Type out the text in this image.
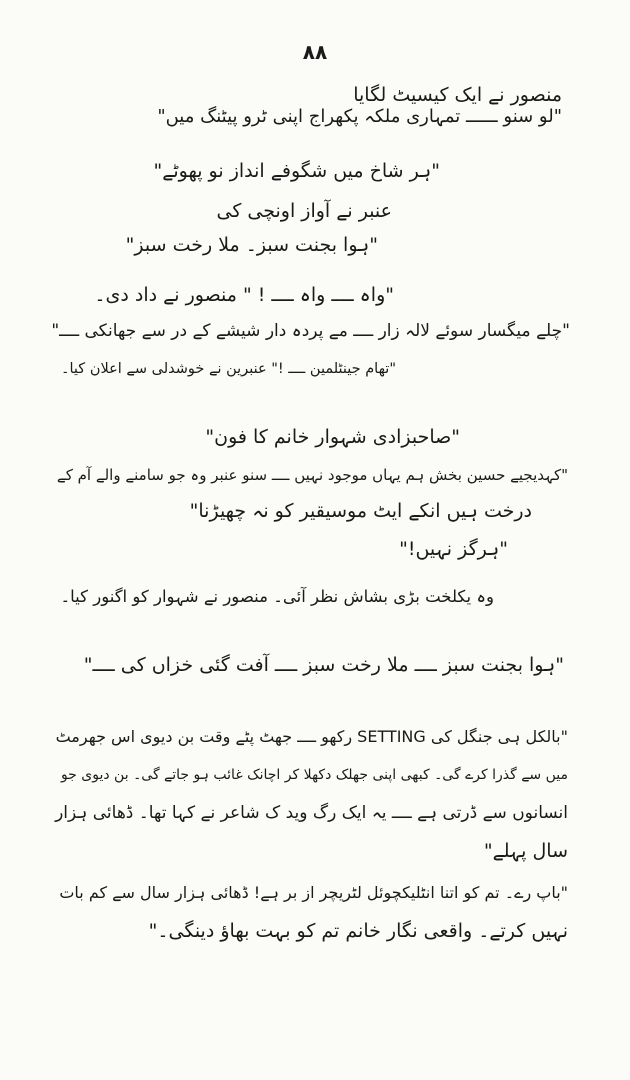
۸۸
منصور نے ایک کیسیٹ لگایا
"لو سنو ــــــ تمہاری ملکہ پکھراج اپنی ٹرو پیٹنگ میں"
"ہر شاخ میں شگوفے انداز نو پھوٹے"
عنبر نے آواز اونچی کی
"ہوا بجنت سبز۔ ملا رخت سبز"
"واہ ــــ واہ ــــ ! " منصور نے داد دی۔
"چلے میگسار سوئے لالہ زار ــــ مے پردہ دار شیشے کے در سے جھانکی ــــ"
"تھام جینٹلمین ــــ !" عنبرین نے خوشدلی سے اعلان کیا۔
"صاحبزادی شہوار خانم کا فون"
"کہدیجیے حسین بخش ہم یہاں موجود نہیں ــــ سنو عنبر وہ جو سامنے والے آم کے
درخت ہیں انکے ایٹ موسیقیر کو نہ چھیڑنا"
"ہرگز نہیں!"
وہ یکلخت بڑی بشاش نظر آئی۔ منصور نے شہوار کو اگنور کیا۔
"ہوا بجنت سبز ــــ ملا رخت سبز ــــ آفت گئی خزاں کی ــــ"
"بالکل ہی جنگل کی SETTING رکھو ــــ جھٹ پٹے وقت بن دیوی اس جھرمٹ
میں سے گذرا کرے گی۔ کبھی اپنی جھلک دکھلا کر اچانک غائب ہو جاتے گی۔ بن دیوی جو
انسانوں سے ڈرتی ہے ــــ یہ ایک رگ وید ک شاعر نے کہا تھا۔ ڈھائی ہزار
سال پہلے"
"باپ رے۔ تم کو اتنا انٹلیکچوئل لٹریچر از بر ہے! ڈھائی ہزار سال سے کم بات
نہیں کرتے۔ واقعی نگار خانم تم کو بہت بھاؤ دینگی۔"
